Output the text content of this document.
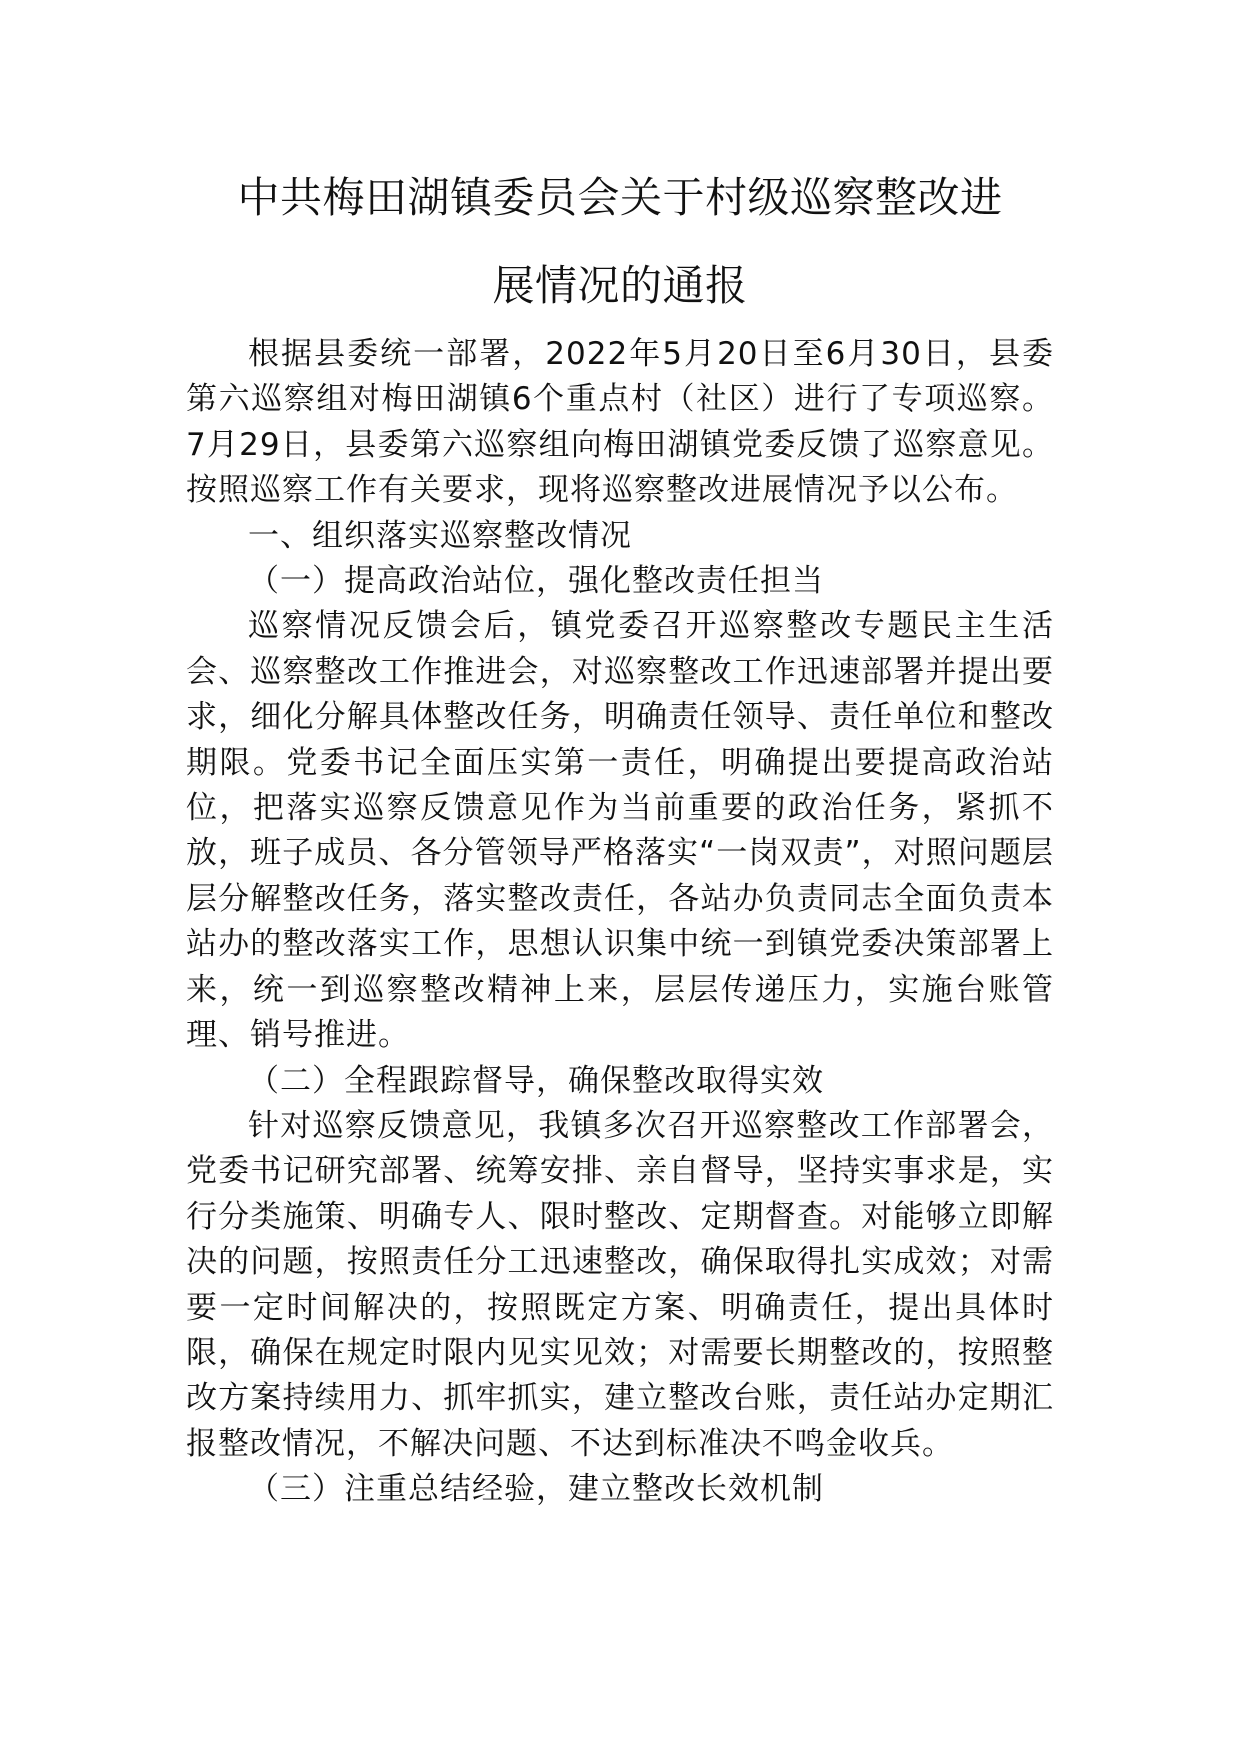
中共梅田湖镇委员会关于村级巡察整改进
展情况的通报

根据县委统一部署，2022年5月20日至6月30日，县委第六巡察组对梅田湖镇6个重点村（社区）进行了专项巡察。7月29日，县委第六巡察组向梅田湖镇党委反馈了巡察意见。按照巡察工作有关要求，现将巡察整改进展情况予以公布。

一、组织落实巡察整改情况

（一）提高政治站位，强化整改责任担当

巡察情况反馈会后，镇党委召开巡察整改专题民主生活会、巡察整改工作推进会，对巡察整改工作迅速部署并提出要求，细化分解具体整改任务，明确责任领导、责任单位和整改期限。党委书记全面压实第一责任，明确提出要提高政治站位，把落实巡察反馈意见作为当前重要的政治任务，紧抓不放，班子成员、各分管领导严格落实“一岗双责”，对照问题层层分解整改任务，落实整改责任，各站办负责同志全面负责本站办的整改落实工作，思想认识集中统一到镇党委决策部署上来，统一到巡察整改精神上来，层层传递压力，实施台账管理、销号推进。

（二）全程跟踪督导，确保整改取得实效

针对巡察反馈意见，我镇多次召开巡察整改工作部署会，党委书记研究部署、统筹安排、亲自督导，坚持实事求是，实行分类施策、明确专人、限时整改、定期督查。对能够立即解决的问题，按照责任分工迅速整改，确保取得扎实成效；对需要一定时间解决的，按照既定方案、明确责任，提出具体时限，确保在规定时限内见实见效；对需要长期整改的，按照整改方案持续用力、抓牢抓实，建立整改台账，责任站办定期汇报整改情况，不解决问题、不达到标准决不鸣金收兵。

（三）注重总结经验，建立整改长效机制
